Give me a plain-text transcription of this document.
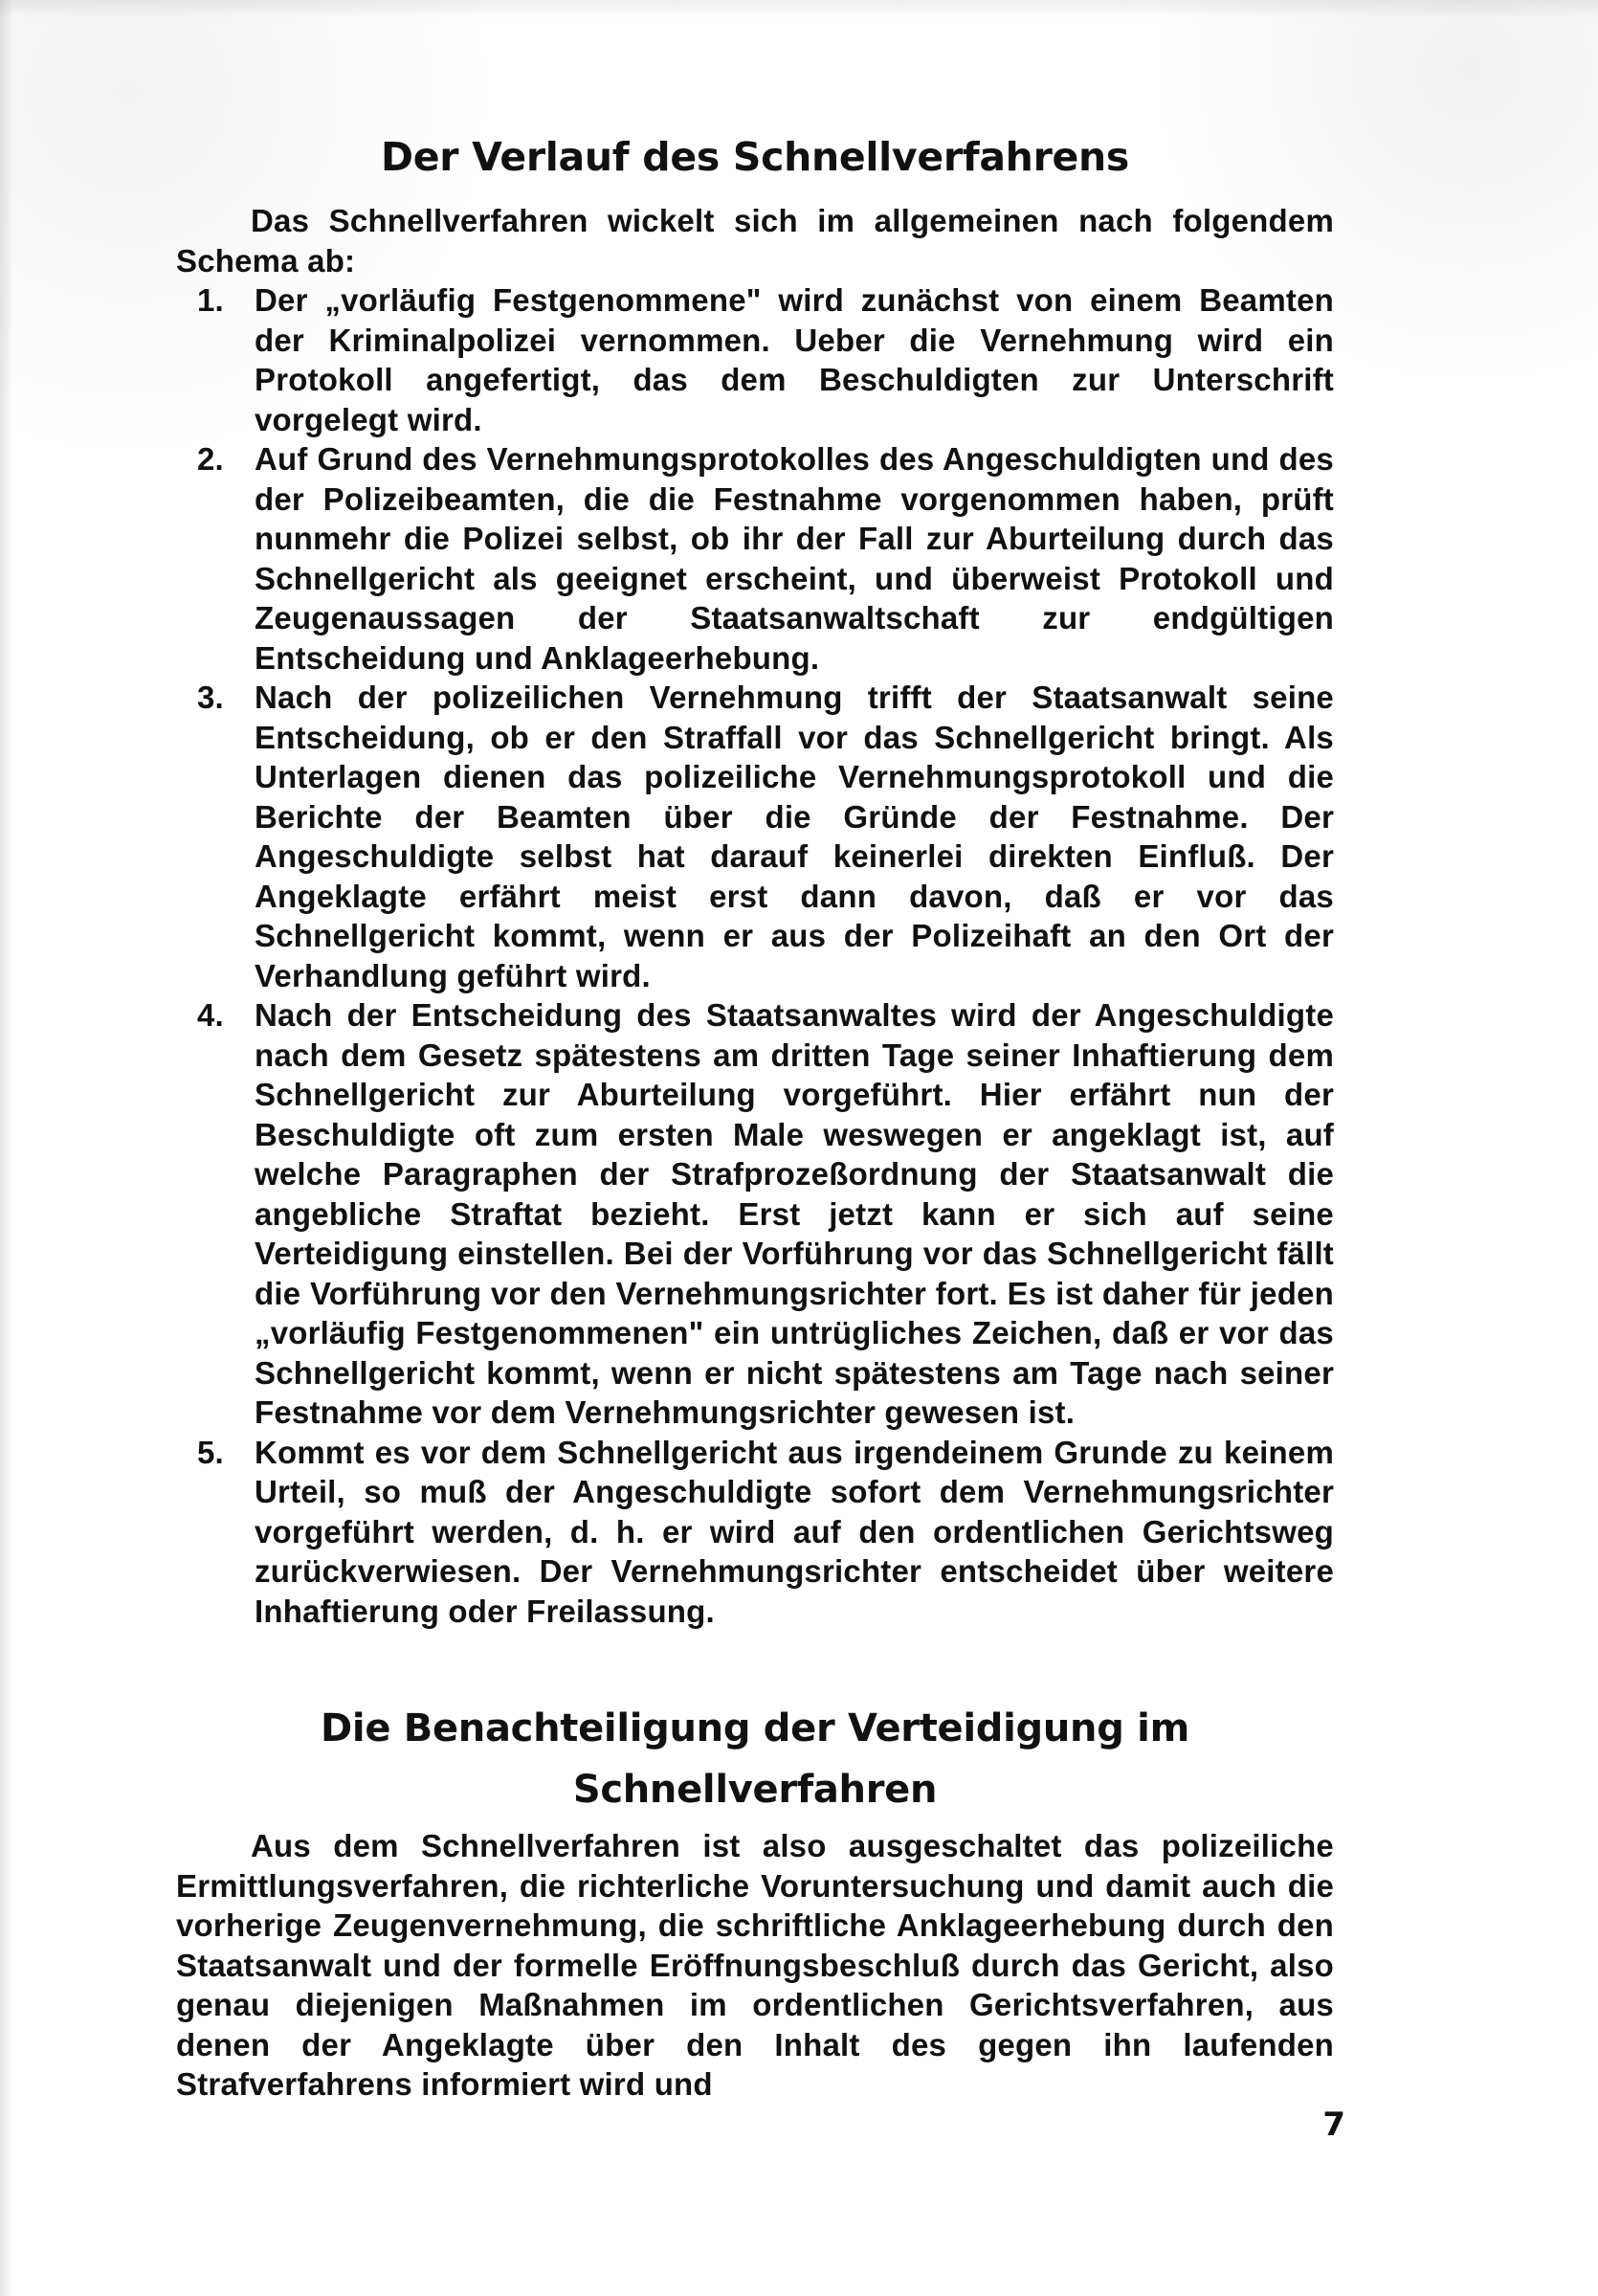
Der Verlauf des Schnellverfahrens

Das Schnellverfahren wickelt sich im allgemeinen nach folgendem Schema ab:

1. Der „vorläufig Festgenommene" wird zunächst von einem Beamten der Kriminalpolizei vernommen. Ueber die Vernehmung wird ein Protokoll angefertigt, das dem Beschuldigten zur Unterschrift vorgelegt wird.
2. Auf Grund des Vernehmungsprotokolles des Angeschuldigten und des der Polizeibeamten, die die Festnahme vorgenommen haben, prüft nunmehr die Polizei selbst, ob ihr der Fall zur Aburteilung durch das Schnellgericht als geeignet erscheint, und überweist Protokoll und Zeugenaussagen der Staatsanwaltschaft zur endgültigen Entscheidung und Anklageerhebung.
3. Nach der polizeilichen Vernehmung trifft der Staatsanwalt seine Entscheidung, ob er den Straffall vor das Schnellgericht bringt. Als Unterlagen dienen das polizeiliche Vernehmungsprotokoll und die Berichte der Beamten über die Gründe der Festnahme. Der Angeschuldigte selbst hat darauf keinerlei direkten Einfluß. Der Angeklagte erfährt meist erst dann davon, daß er vor das Schnellgericht kommt, wenn er aus der Polizeihaft an den Ort der Verhandlung geführt wird.
4. Nach der Entscheidung des Staatsanwaltes wird der Angeschuldigte nach dem Gesetz spätestens am dritten Tage seiner Inhaftierung dem Schnellgericht zur Aburteilung vorgeführt. Hier erfährt nun der Beschuldigte oft zum ersten Male weswegen er angeklagt ist, auf welche Paragraphen der Strafprozeßordnung der Staatsanwalt die angebliche Straftat bezieht. Erst jetzt kann er sich auf seine Verteidigung einstellen. Bei der Vorführung vor das Schnellgericht fällt die Vorführung vor den Vernehmungsrichter fort. Es ist daher für jeden „vorläufig Festgenommenen" ein untrügliches Zeichen, daß er vor das Schnellgericht kommt, wenn er nicht spätestens am Tage nach seiner Festnahme vor dem Vernehmungsrichter gewesen ist.
5. Kommt es vor dem Schnellgericht aus irgendeinem Grunde zu keinem Urteil, so muß der Angeschuldigte sofort dem Vernehmungsrichter vorgeführt werden, d. h. er wird auf den ordentlichen Gerichtsweg zurückverwiesen. Der Vernehmungsrichter entscheidet über weitere Inhaftierung oder Freilassung.
Die Benachteiligung der Verteidigung im Schnellverfahren

Aus dem Schnellverfahren ist also ausgeschaltet das polizeiliche Ermittlungsverfahren, die richterliche Voruntersuchung und damit auch die vorherige Zeugenvernehmung, die schriftliche Anklageerhebung durch den Staatsanwalt und der formelle Eröffnungsbeschluß durch das Gericht, also genau diejenigen Maßnahmen im ordentlichen Gerichtsverfahren, aus denen der Angeklagte über den Inhalt des gegen ihn laufenden Strafverfahrens informiert wird und

7
